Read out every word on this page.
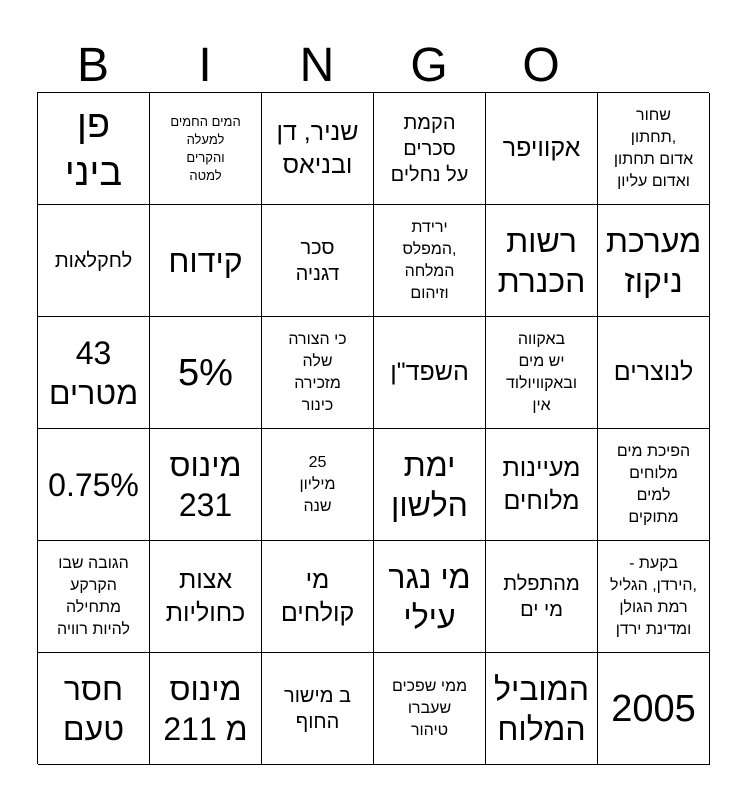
B	I	N	G	O
פן
ביני
המים החמים
למעלה
והקרים
למטה
שניר, דן
ובניאס
הקמת
סכרים
על נחלים
אקוויפר
שחור
,תחתון
אדום תחתון
ואדום עליון
לחקלאות קידוח	סכר
דגניה
ירידת
,המפלס
המלחה
וזיהום
רשות
הכנרת
מערכת
ניקוז
43
מטרים 5%
כי הצורה
שלה
מזכירה
כינור
השפד"ן
באקווה
יש מים
ובאקוויולוד
אין
לנוצרים
0.75%
מינוס
231
25
מיליון
שנה
ימת
הלשון
מעיינות
מלוחים
הפיכת מים
מלוחים
למים
מתוקים
הגובה שבו
הקרקע
מתחילה
להיות רוויה
אצות
כחוליות
מי
קולחים
מי נגר
עילי
מהתפלת
מי ים
בקעת -
,הירדן, הגליל
רמת הגולן
ומדינת ירדן
חסר
טעם
מינוס
מ 211
ב מישור
החוף
ממי שפכים
שעברו
טיהור
המוביל
המלוח 2005
